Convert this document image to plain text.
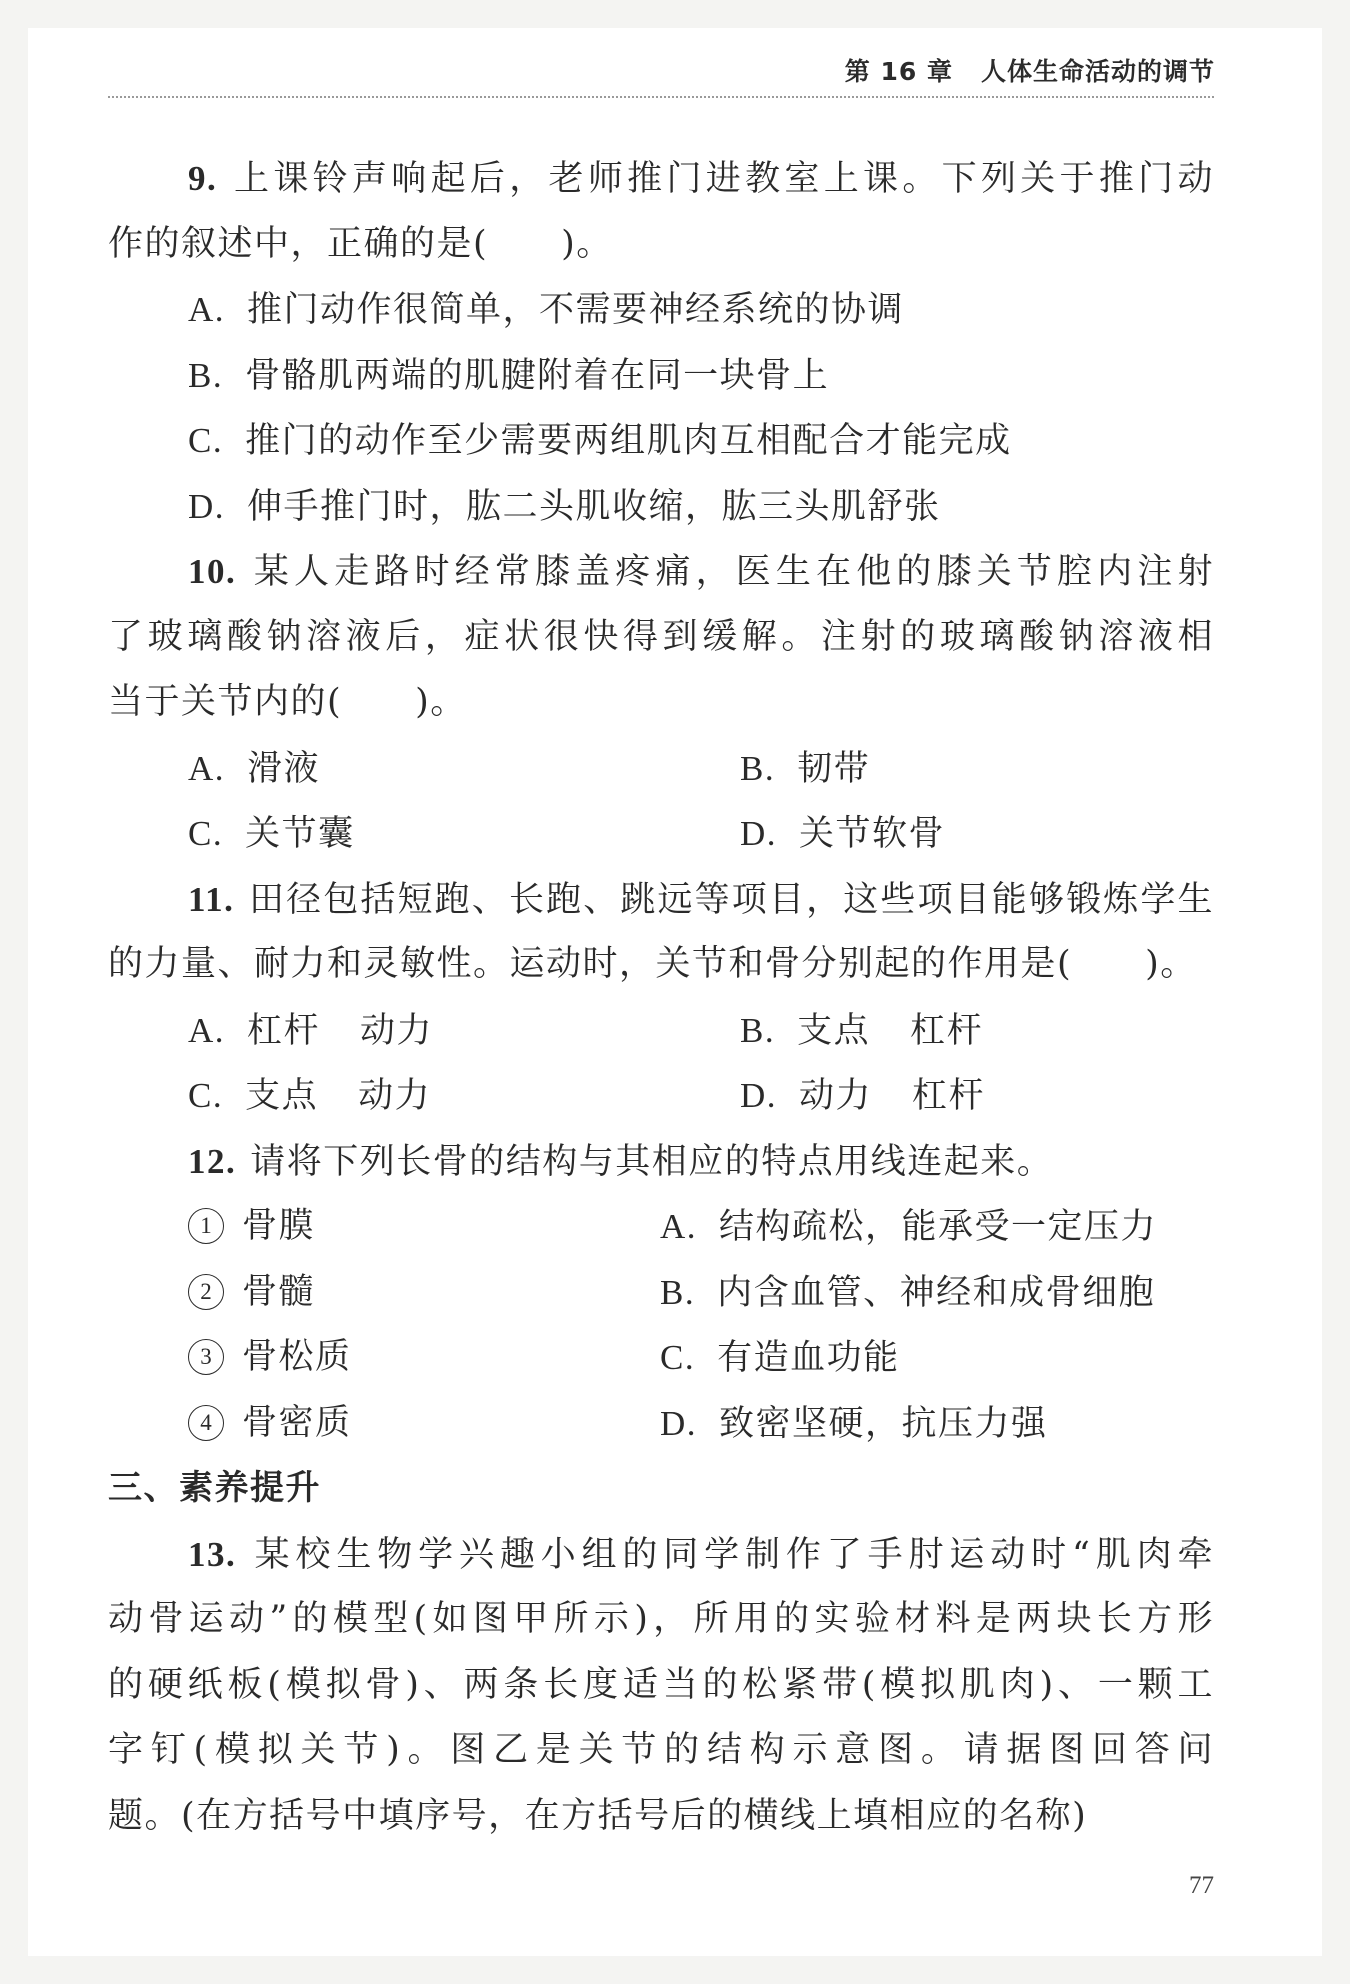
第 16 章 人体生命活动的调节
9. 上课铃声响起后，老师推门进教室上课。下列关于推门动
作的叙述中，正确的是(　　)。
A. 推门动作很简单，不需要神经系统的协调
B. 骨骼肌两端的肌腱附着在同一块骨上
C. 推门的动作至少需要两组肌肉互相配合才能完成
D. 伸手推门时，肱二头肌收缩，肱三头肌舒张
10. 某人走路时经常膝盖疼痛，医生在他的膝关节腔内注射
了玻璃酸钠溶液后，症状很快得到缓解。注射的玻璃酸钠溶液相
当于关节内的(　　)。
A. 滑液	B. 韧带
C. 关节囊	D. 关节软骨
11. 田径包括短跑、长跑、跳远等项目，这些项目能够锻炼学生
的力量、耐力和灵敏性。运动时，关节和骨分别起的作用是(　　)。
A. 杠杆 动力	B. 支点 杠杆
C. 支点 动力	D. 动力 杠杆
12. 请将下列长骨的结构与其相应的特点用线连起来。
1 骨膜	A. 结构疏松，能承受一定压力
2 骨髓	B. 内含血管、神经和成骨细胞
3 骨松质	C. 有造血功能
4 骨密质	D. 致密坚硬，抗压力强
三、素养提升
13. 某校生物学兴趣小组的同学制作了手肘运动时“肌肉牵
动骨运动”的模型(如图甲所示)，所用的实验材料是两块长方形
的硬纸板(模拟骨)、两条长度适当的松紧带(模拟肌肉)、一颗工
字钉(模拟关节)。图乙是关节的结构示意图。请据图回答问
题。(在方括号中填序号，在方括号后的横线上填相应的名称)
77
